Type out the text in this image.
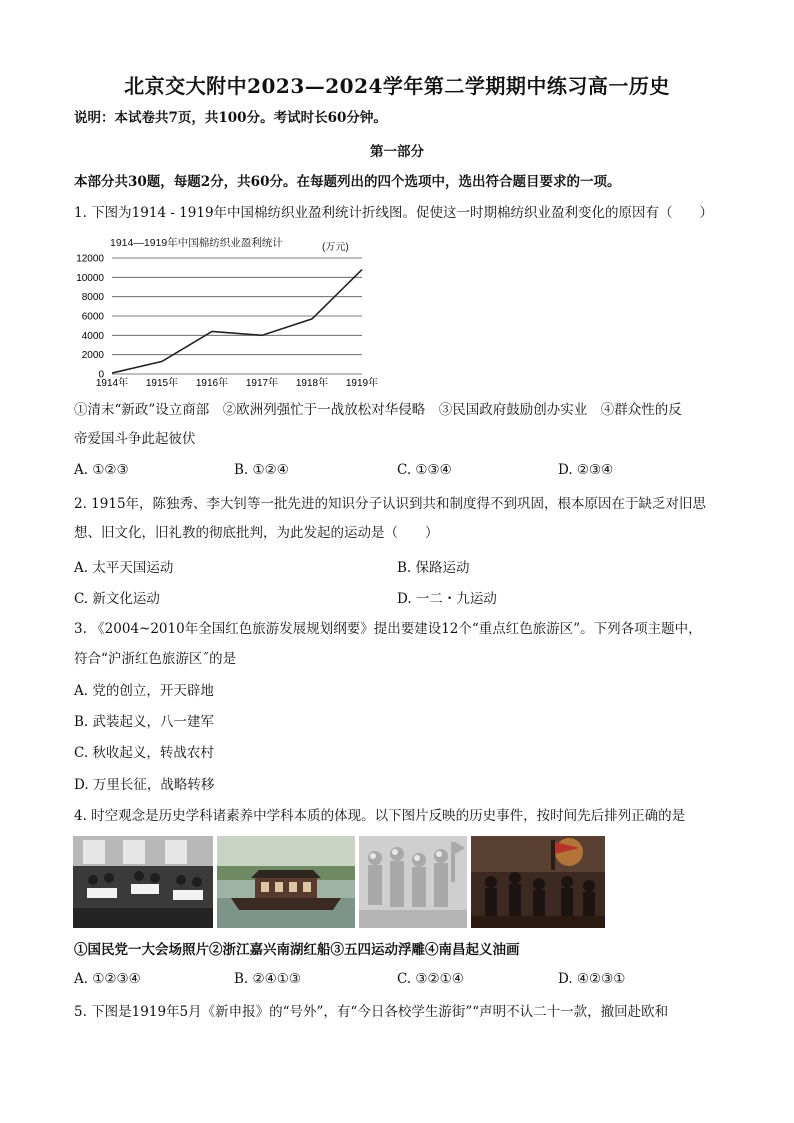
北京交大附中2023—2024学年第二学期期中练习高一历史
说明：本试卷共7页，共100分。考试时长60分钟。
第一部分
本部分共30题，每题2分，共60分。在每题列出的四个选项中，选出符合题目要求的一项。
1. 下图为1914 - 1919年中国棉纺织业盈利统计折线图。促使这一时期棉纺织业盈利变化的原因有（　　）
1914—1919年中国棉纺织业盈利统计	(万元)
0
2000
4000
6000
8000
10000
12000
1914年 1915年 1916年 1917年 1918年 1919年
①清末“新政”设立商部　②欧洲列强忙于一战放松对华侵略　③民国政府鼓励创办实业　④群众性的反
帝爱国斗争此起彼伏
A. ①②③	B. ①②④	C. ①③④	D. ②③④
2. 1915年，陈独秀、李大钊等一批先进的知识分子认识到共和制度得不到巩固，根本原因在于缺乏对旧思
想、旧文化，旧礼教的彻底批判，为此发起的运动是（　　）
A. 太平天国运动	B. 保路运动
C. 新文化运动	D. 一二・九运动
3. 《2004~2010年全国红色旅游发展规划纲要》提出要建设12个“重点红色旅游区”。下列各项主题中，
符合“沪浙红色旅游区˝的是
A. 党的创立，开天辟地
B. 武装起义，八一建军
C. 秋收起义，转战农村
D. 万里长征，战略转移
4. 时空观念是历史学科诸素养中学科本质的体现。以下图片反映的历史事件，按时间先后排列正确的是
①国民党一大会场照片②浙江嘉兴南湖红船③五四运动浮雕④南昌起义油画
A. ①②③④	B. ②④①③	C. ③②①④	D. ④②③①
5. 下图是1919年5月《新申报》的“号外”，有“今日各校学生游街”“声明不认二十一款，撤回赴欧和
